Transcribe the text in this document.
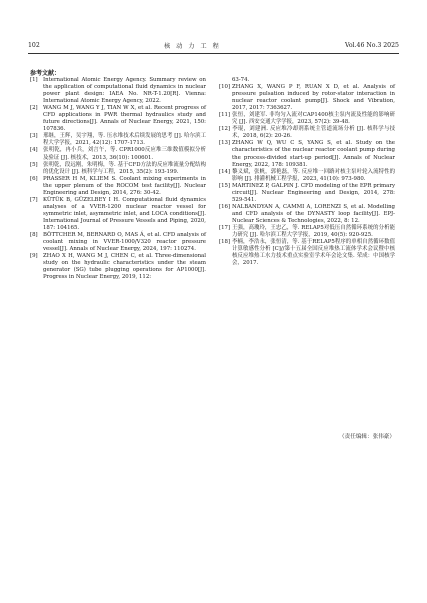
102	核 动 力 工 程	Vol.46 No.3 2025
参考文献：
[1] International Atomic Energy Agency. Summary review on the application of computational fluid dynamics in nuclear power plant design: IAEA No. NR-T-1.20[R]. Vienna: International Atomic Energy Agency, 2022.
[2] WANG M J, WANG Y J, TIAN W X, et al. Recent progress of CFD applications in PWR thermal hydraulics study and future directions[J]. Annals of Nuclear Energy, 2021, 150: 107836.
[3] 邢继，王辉，吴宇翔，等. 压水堆技术后续发展的思考 [J]. 哈尔滨工程大学学报，2021, 42(12): 1707-1713.
[4] 张明乾，冉小兵，刘言午，等. CPR1000反应堆三维数值模拟分析及验证 [J]. 核技术，2013, 36(10): 100601.
[5] 张明乾，段远刚，朱明梅，等. 基于CFD方法的反应堆流量分配结构的优化设计 [J]. 核科学与工程，2015, 35(2): 193-199.
[6] PRASSER H M, KLIEM S. Coolant mixing experiments in the upper plenum of the ROCOM test facility[J]. Nuclear Engineering and Design, 2014, 276: 30-42.
[7] KÜTÜK B, GÜZELBEY I H. Computational fluid dynamics analyses of a VVER-1200 nuclear reactor vessel for symmetric inlet, asymmetric inlet, and LOCA conditions[J]. International Journal of Pressure Vessels and Piping, 2020, 187: 104165.
[8] BÖTTCHER M, BERNARD O, MAS Á, et al. CFD analysis of coolant mixing in VVER-1000/V320 reactor pressure vessel[J]. Annals of Nuclear Energy, 2024, 197: 110274.
[9] ZHAO X H, WANG M J, CHEN C, et al. Three-dimensional study on the hydraulic characteristics under the steam generator (SG) tube plugging operations for AP1000[J]. Progress in Nuclear Energy, 2019, 112:
63-74.
[10] ZHANG X, WANG P F, RUAN X D, et al. Analysis of pressure pulsation induced by rotor-stator interaction in nuclear reactor coolant pump[J]. Shock and Vibration, 2017, 2017: 7363627.
[11] 张恒，刘建军. 非均匀入流对CAP1400核主泵内流及性能的影响研究 [J]. 西安交通大学学报，2023, 57(2): 39-48.
[12] 李琨，刘建洲. 反应堆冷却剂系统主管道流场分析 [J]. 核科学与技术，2018, 6(2): 20-26.
[13] ZHANG W Q, WU C S, YANG S, et al. Study on the characteristics of the nuclear reactor coolant pump during the process-divided start-up period[J]. Annals of Nuclear Energy, 2022, 178: 109381.
[14] 黎义斌，张帆，郭艳磊，等. 反应堆一回路对核主泵叶轮入流特性的影响 [J]. 排灌机械工程学报，2023, 41(10): 973-980.
[15] MARTINEZ P, GALPIN J. CFD modeling of the EPR primary circuit[J]. Nuclear Engineering and Design, 2014, 278: 529-541.
[16] NALBANDYAN A, CAMMI A, LORENZI S, et al. Modelling and CFD analysis of the DYNASTY loop facility[J]. EPJ- Nuclear Sciences & Technologies, 2022, 8: 12.
[17] 王强，高瓊玲，王忠乙，等. RELAP5对低压自然循环系统的分析能力研究 [J]. 哈尔滨工程大学学报，2019, 40(5): 920-925.
[18] 李楠，李浩永，张恒清，等. 基于RELAP5程序的单相自然循环数值计算敏感性分析 [C]//第十五届全国反应堆热工流体学术会议暨中核核反应堆热工水力技术重点实验室学术年会论文集. 荣成：中国核学会，2017.
（责任编辑：张伟豪）
